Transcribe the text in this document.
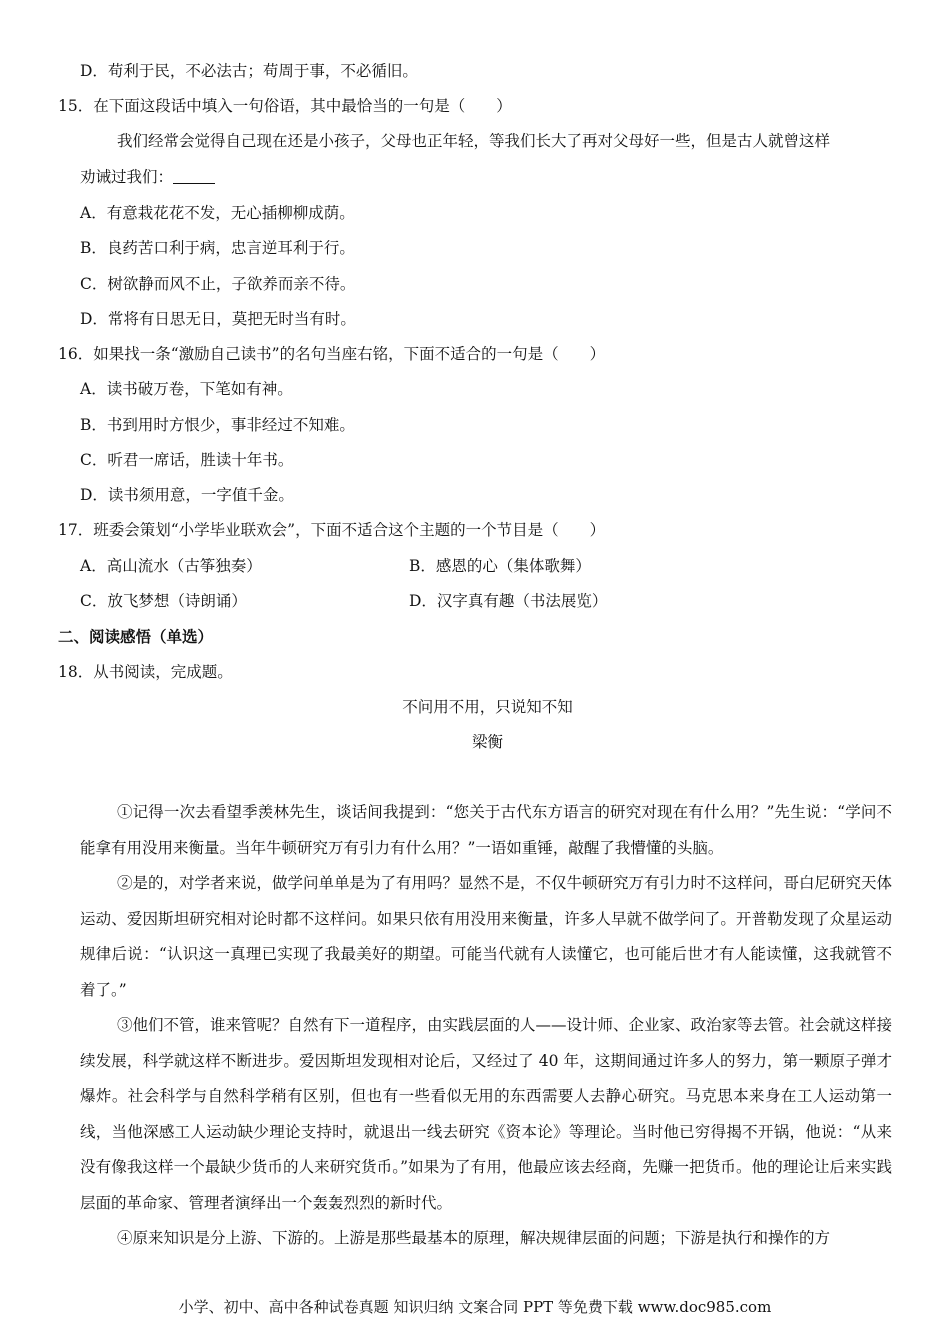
D．苟利于民，不必法古；苟周于事，不必循旧。
15．在下面这段话中填入一句俗语，其中最恰当的一句是（　　）
我们经常会觉得自己现在还是小孩子，父母也正年轻，等我们长大了再对父母好一些，但是古人就曾这样
劝诫过我们：
A．有意栽花花不发，无心插柳柳成荫。
B．良药苦口利于病，忠言逆耳利于行。
C．树欲静而风不止，子欲养而亲不待。
D．常将有日思无日，莫把无时当有时。
16．如果找一条“激励自己读书”的名句当座右铭，下面不适合的一句是（　　）
A．读书破万卷，下笔如有神。
B．书到用时方恨少，事非经过不知难。
C．听君一席话，胜读十年书。
D．读书须用意，一字值千金。
17．班委会策划“小学毕业联欢会”，下面不适合这个主题的一个节目是（　　）
A．高山流水（古筝独奏）	B．感恩的心（集体歌舞）
C．放飞梦想（诗朗诵）	D．汉字真有趣（书法展览）
二、阅读感悟（单选）
18．从书阅读，完成题。
不问用不用，只说知不知
梁衡
①记得一次去看望季羡林先生，谈话间我提到：“您关于古代东方语言的研究对现在有什么用？”先生说：“学问不能拿有用没用来衡量。当年牛顿研究万有引力有什么用？”一语如重锤，敲醒了我懵懂的头脑。
②是的，对学者来说，做学问单单是为了有用吗？显然不是，不仅牛顿研究万有引力时不这样问，哥白尼研究天体运动、爱因斯坦研究相对论时都不这样问。如果只依有用没用来衡量，许多人早就不做学问了。开普勒发现了众星运动规律后说：“认识这一真理已实现了我最美好的期望。可能当代就有人读懂它，也可能后世才有人能读懂，这我就管不着了。”
③他们不管，谁来管呢？自然有下一道程序，由实践层面的人——设计师、企业家、政治家等去管。社会就这样接续发展，科学就这样不断进步。爱因斯坦发现相对论后，又经过了 40 年，这期间通过许多人的努力，第一颗原子弹才爆炸。社会科学与自然科学稍有区别，但也有一些看似无用的东西需要人去静心研究。马克思本来身在工人运动第一线，当他深感工人运动缺少理论支持时，就退出一线去研究《资本论》等理论。当时他已穷得揭不开锅，他说：“从来没有像我这样一个最缺少货币的人来研究货币。”如果为了有用，他最应该去经商，先赚一把货币。他的理论让后来实践层面的革命家、管理者演绎出一个轰轰烈烈的新时代。
④原来知识是分上游、下游的。上游是那些最基本的原理，解决规律层面的问题；下游是执行和操作的方
小学、初中、高中各种试卷真题 知识归纳 文案合同 PPT 等免费下载 www.doc985.com
